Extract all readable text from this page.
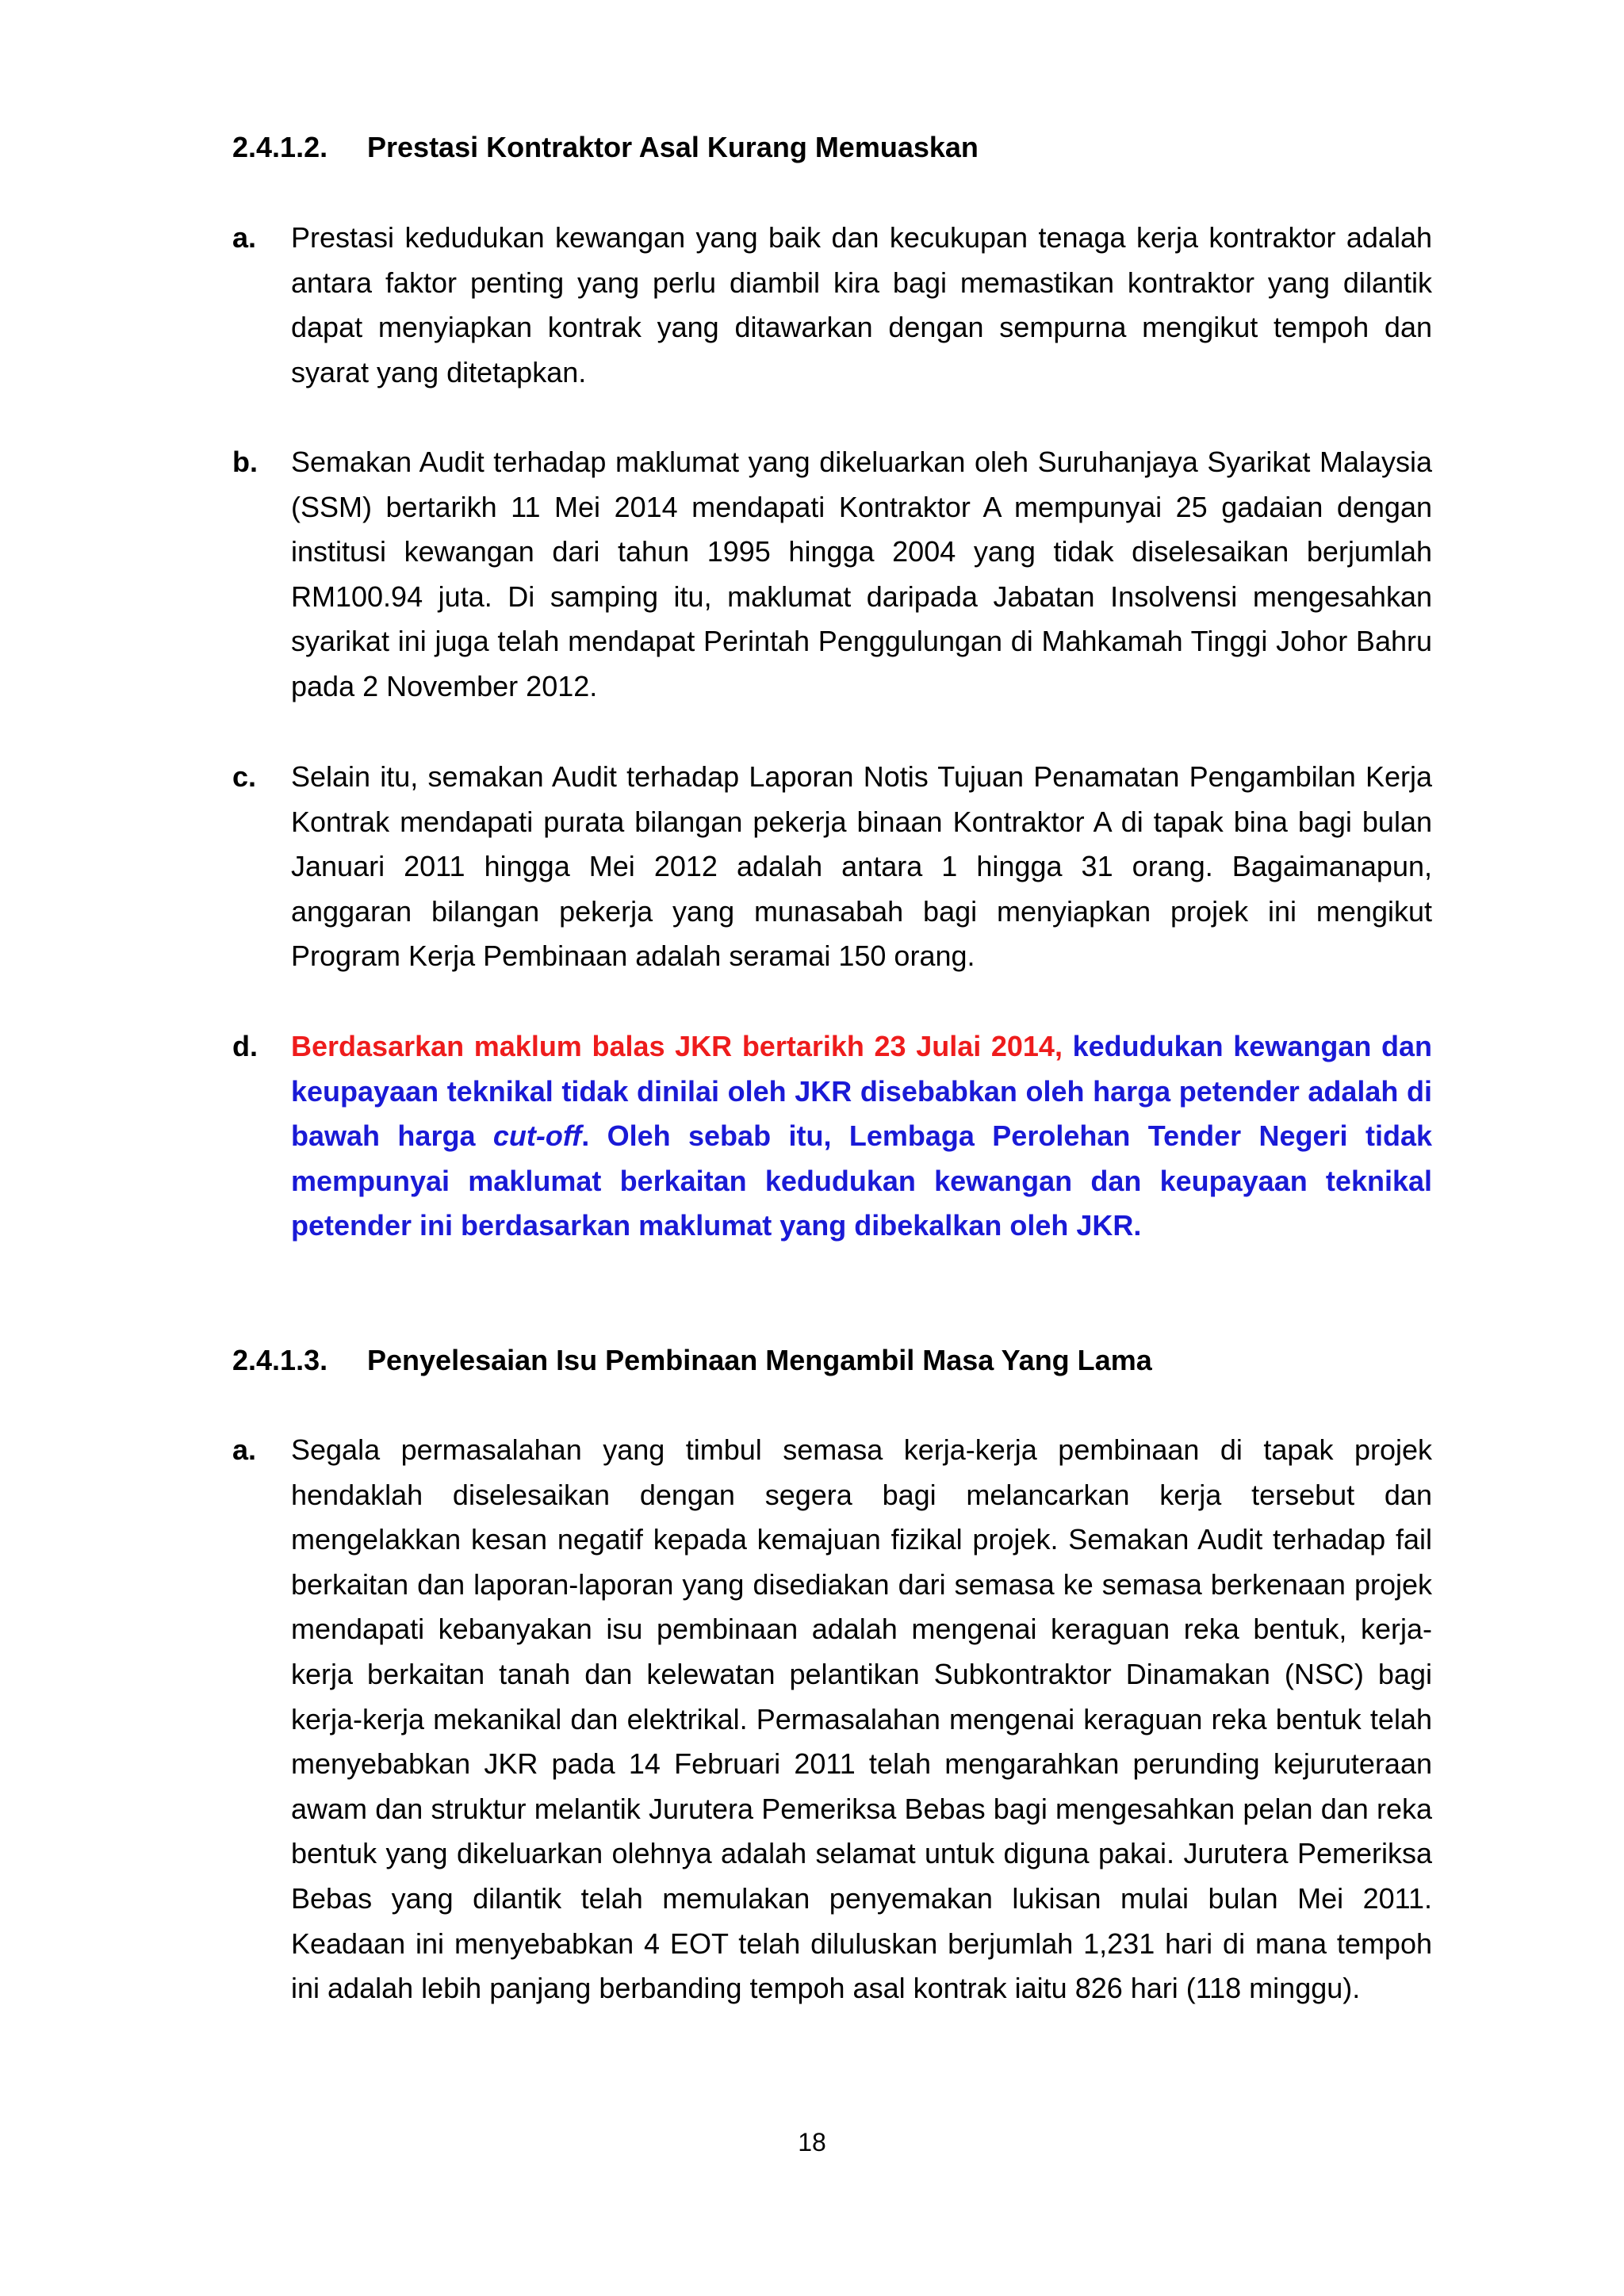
2.4.1.2. Prestasi Kontraktor Asal Kurang Memuaskan
a. Prestasi kedudukan kewangan yang baik dan kecukupan tenaga kerja kontraktor adalah antara faktor penting yang perlu diambil kira bagi memastikan kontraktor yang dilantik dapat menyiapkan kontrak yang ditawarkan dengan sempurna mengikut tempoh dan syarat yang ditetapkan.
b. Semakan Audit terhadap maklumat yang dikeluarkan oleh Suruhanjaya Syarikat Malaysia (SSM) bertarikh 11 Mei 2014 mendapati Kontraktor A mempunyai 25 gadaian dengan institusi kewangan dari tahun 1995 hingga 2004 yang tidak diselesaikan berjumlah RM100.94 juta. Di samping itu, maklumat daripada Jabatan Insolvensi mengesahkan syarikat ini juga telah mendapat Perintah Penggulungan di Mahkamah Tinggi Johor Bahru pada 2 November 2012.
c. Selain itu, semakan Audit terhadap Laporan Notis Tujuan Penamatan Pengambilan Kerja Kontrak mendapati purata bilangan pekerja binaan Kontraktor A di tapak bina bagi bulan Januari 2011 hingga Mei 2012 adalah antara 1 hingga 31 orang. Bagaimanapun, anggaran bilangan pekerja yang munasabah bagi menyiapkan projek ini mengikut Program Kerja Pembinaan adalah seramai 150 orang.
d. Berdasarkan maklum balas JKR bertarikh 23 Julai 2014, kedudukan kewangan dan keupayaan teknikal tidak dinilai oleh JKR disebabkan oleh harga petender adalah di bawah harga cut-off. Oleh sebab itu, Lembaga Perolehan Tender Negeri tidak mempunyai maklumat berkaitan kedudukan kewangan dan keupayaan teknikal petender ini berdasarkan maklumat yang dibekalkan oleh JKR.
2.4.1.3. Penyelesaian Isu Pembinaan Mengambil Masa Yang Lama
a. Segala permasalahan yang timbul semasa kerja-kerja pembinaan di tapak projek hendaklah diselesaikan dengan segera bagi melancarkan kerja tersebut dan mengelakkan kesan negatif kepada kemajuan fizikal projek. Semakan Audit terhadap fail berkaitan dan laporan-laporan yang disediakan dari semasa ke semasa berkenaan projek mendapati kebanyakan isu pembinaan adalah mengenai keraguan reka bentuk, kerja-kerja berkaitan tanah dan kelewatan pelantikan Subkontraktor Dinamakan (NSC) bagi kerja-kerja mekanikal dan elektrikal. Permasalahan mengenai keraguan reka bentuk telah menyebabkan JKR pada 14 Februari 2011 telah mengarahkan perunding kejuruteraan awam dan struktur melantik Jurutera Pemeriksa Bebas bagi mengesahkan pelan dan reka bentuk yang dikeluarkan olehnya adalah selamat untuk diguna pakai. Jurutera Pemeriksa Bebas yang dilantik telah memulakan penyemakan lukisan mulai bulan Mei 2011. Keadaan ini menyebabkan 4 EOT telah diluluskan berjumlah 1,231 hari di mana tempoh ini adalah lebih panjang berbanding tempoh asal kontrak iaitu 826 hari (118 minggu).
18
